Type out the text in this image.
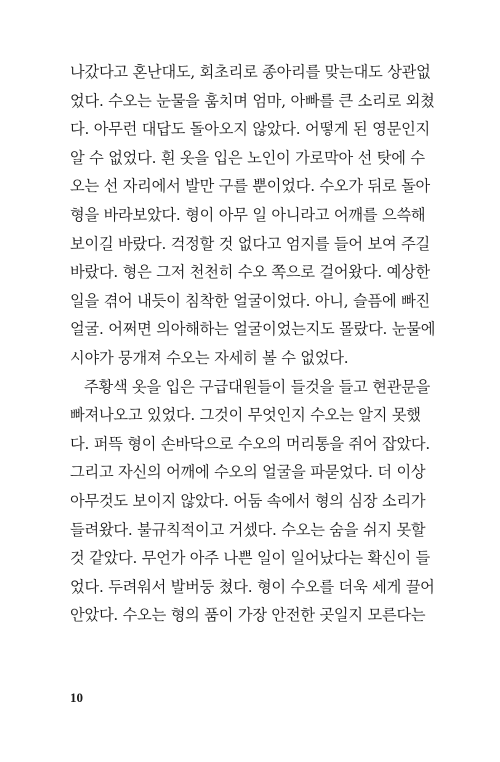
나갔다고 혼난대도, 회초리로 종아리를 맞는대도 상관없
었다. 수오는 눈물을 훔치며 엄마, 아빠를 큰 소리로 외쳤
다. 아무런 대답도 돌아오지 않았다. 어떻게 된 영문인지
알 수 없었다. 흰 옷을 입은 노인이 가로막아 선 탓에 수
오는 선 자리에서 발만 구를 뿐이었다. 수오가 뒤로 돌아
형을 바라보았다. 형이 아무 일 아니라고 어깨를 으쓱해
보이길 바랐다. 걱정할 것 없다고 엄지를 들어 보여 주길
바랐다. 형은 그저 천천히 수오 쪽으로 걸어왔다. 예상한
일을 겪어 내듯이 침착한 얼굴이었다. 아니, 슬픔에 빠진
얼굴. 어쩌면 의아해하는 얼굴이었는지도 몰랐다. 눈물에
시야가 뭉개져 수오는 자세히 볼 수 없었다.
주황색 옷을 입은 구급대원들이 들것을 들고 현관문을
빠져나오고 있었다. 그것이 무엇인지 수오는 알지 못했
다. 퍼뜩 형이 손바닥으로 수오의 머리통을 쥐어 잡았다.
그리고 자신의 어깨에 수오의 얼굴을 파묻었다. 더 이상
아무것도 보이지 않았다. 어둠 속에서 형의 심장 소리가
들려왔다. 불규칙적이고 거셌다. 수오는 숨을 쉬지 못할
것 같았다. 무언가 아주 나쁜 일이 일어났다는 확신이 들
었다. 두려워서 발버둥 쳤다. 형이 수오를 더욱 세게 끌어
안았다. 수오는 형의 품이 가장 안전한 곳일지 모른다는
10
